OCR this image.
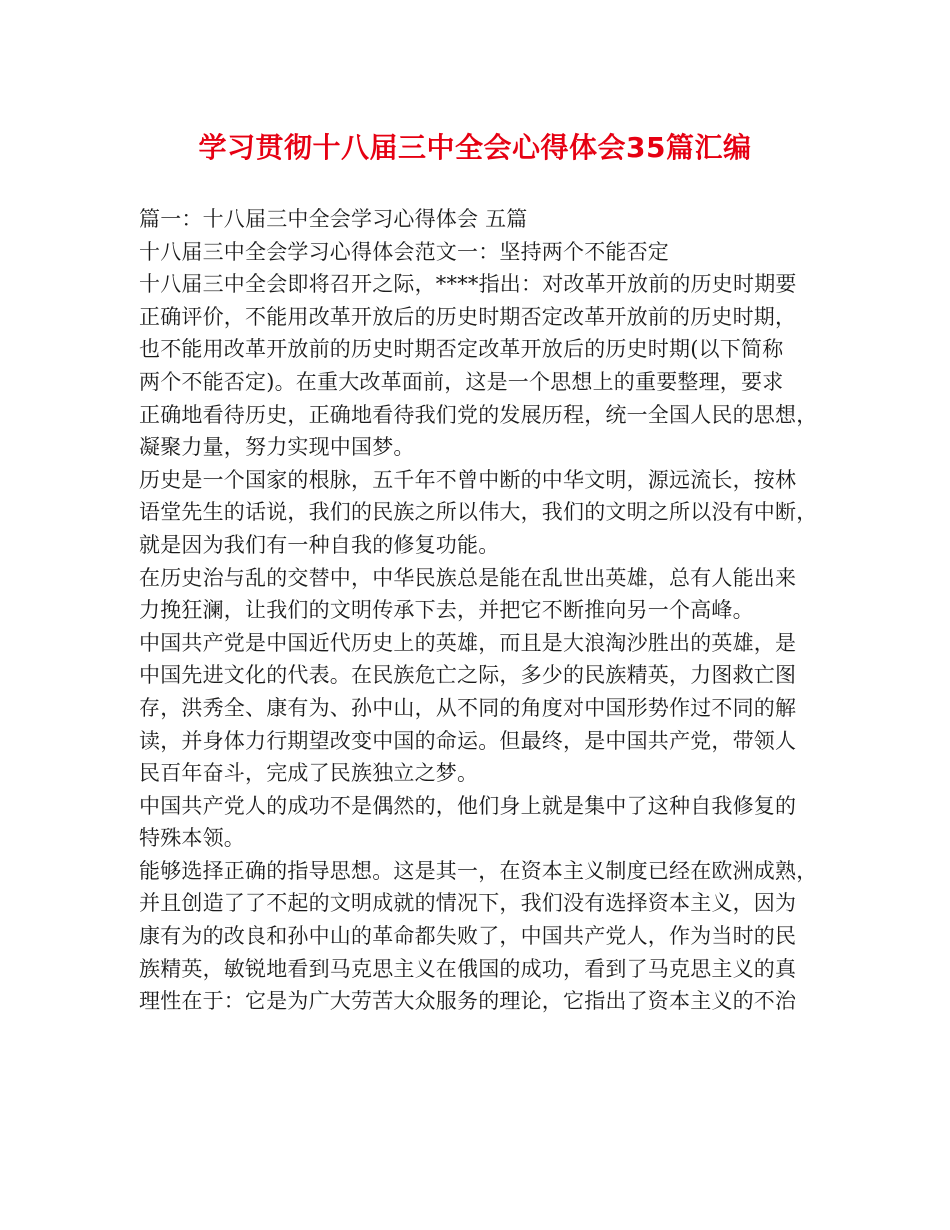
学习贯彻十八届三中全会心得体会35篇汇编
篇一：十八届三中全会学习心得体会 五篇
十八届三中全会学习心得体会范文一：坚持两个不能否定
十八届三中全会即将召开之际，****指出：对改革开放前的历史时期要
正确评价，不能用改革开放后的历史时期否定改革开放前的历史时期，
也不能用改革开放前的历史时期否定改革开放后的历史时期(以下简称
两个不能否定)。在重大改革面前，这是一个思想上的重要整理，要求
正确地看待历史，正确地看待我们党的发展历程，统一全国人民的思想，
凝聚力量，努力实现中国梦。
历史是一个国家的根脉，五千年不曾中断的中华文明，源远流长，按林
语堂先生的话说，我们的民族之所以伟大，我们的文明之所以没有中断，
就是因为我们有一种自我的修复功能。
在历史治与乱的交替中，中华民族总是能在乱世出英雄，总有人能出来
力挽狂澜，让我们的文明传承下去，并把它不断推向另一个高峰。
中国共产党是中国近代历史上的英雄，而且是大浪淘沙胜出的英雄，是
中国先进文化的代表。在民族危亡之际，多少的民族精英，力图救亡图
存，洪秀全、康有为、孙中山，从不同的角度对中国形势作过不同的解
读，并身体力行期望改变中国的命运。但最终，是中国共产党，带领人
民百年奋斗，完成了民族独立之梦。
中国共产党人的成功不是偶然的，他们身上就是集中了这种自我修复的
特殊本领。
能够选择正确的指导思想。这是其一，在资本主义制度已经在欧洲成熟，
并且创造了了不起的文明成就的情况下，我们没有选择资本主义，因为
康有为的改良和孙中山的革命都失败了，中国共产党人，作为当时的民
族精英，敏锐地看到马克思主义在俄国的成功，看到了马克思主义的真
理性在于：它是为广大劳苦大众服务的理论，它指出了资本主义的不治
